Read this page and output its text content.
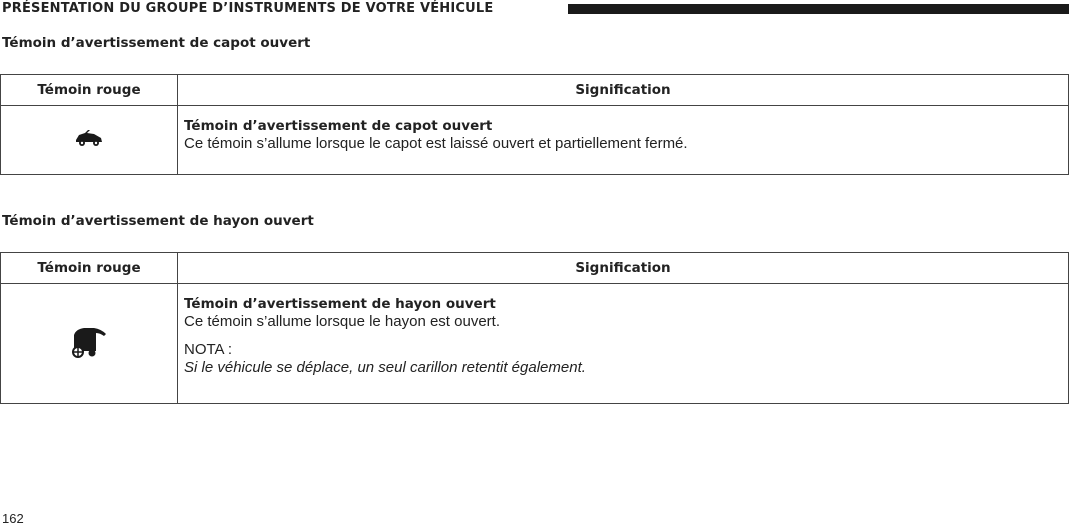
PRÉSENTATION DU GROUPE D’INSTRUMENTS DE VOTRE VÉHICULE
Témoin d’avertissement de capot ouvert
Témoin rouge	Signification

Témoin d’avertissement de capot ouvert
Ce témoin s’allume lorsque le capot est laissé ouvert et partiellement fermé.
Témoin d’avertissement de hayon ouvert
Témoin rouge	Signification

Témoin d’avertissement de hayon ouvert
Ce témoin s’allume lorsque le hayon est ouvert.
NOTA :
Si le véhicule se déplace, un seul carillon retentit également.
162
